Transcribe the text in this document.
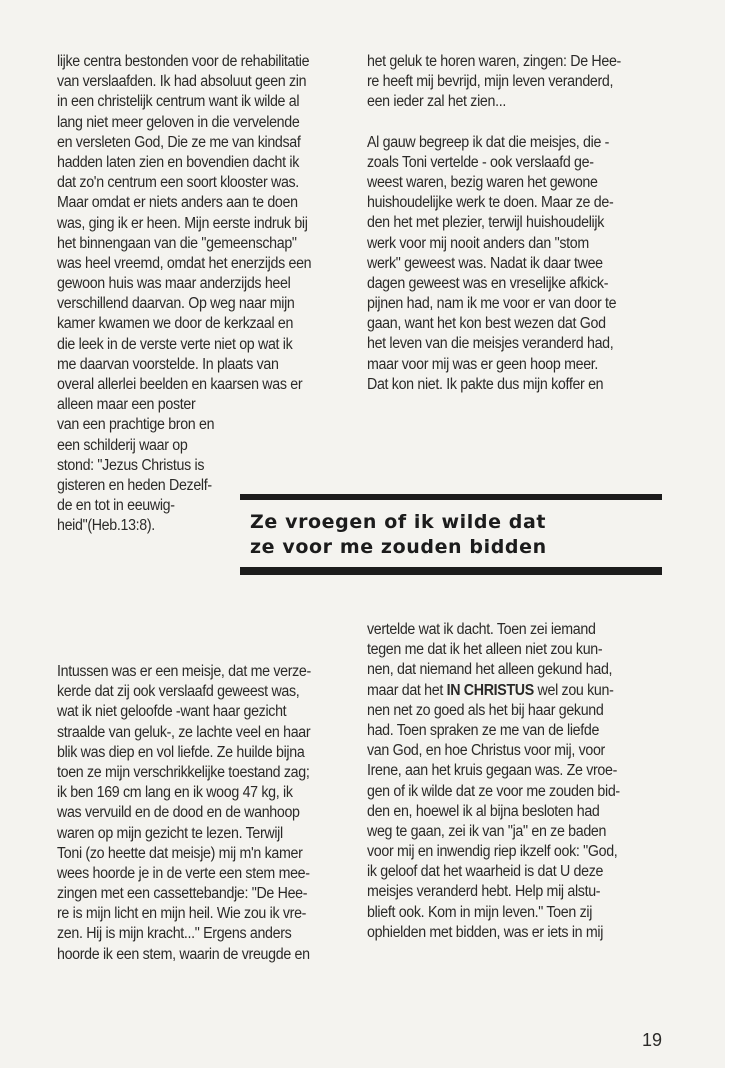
lijke centra bestonden voor de rehabilitatie
van verslaafden. Ik had absoluut geen zin
in een christelijk centrum want ik wilde al
lang niet meer geloven in die vervelende
en versleten God, Die ze me van kindsaf
hadden laten zien en bovendien dacht ik
dat zo'n centrum een soort klooster was.
Maar omdat er niets anders aan te doen
was, ging ik er heen. Mijn eerste indruk bij
het binnengaan van die "gemeenschap"
was heel vreemd, omdat het enerzijds een
gewoon huis was maar anderzijds heel
verschillend daarvan. Op weg naar mijn
kamer kwamen we door de kerkzaal en
die leek in de verste verte niet op wat ik
me daarvan voorstelde. In plaats van
overal allerlei beelden en kaarsen was er
alleen maar een poster
van een prachtige bron en
een schilderij waar op
stond: "Jezus Christus is
gisteren en heden Dezelf-
de en tot in eeuwig-
heid"(Heb.13:8).
het geluk te horen waren, zingen: De Hee-
re heeft mij bevrijd, mijn leven veranderd,
een ieder zal het zien...
Al gauw begreep ik dat die meisjes, die -
zoals Toni vertelde - ook verslaafd ge-
weest waren, bezig waren het gewone
huishoudelijke werk te doen. Maar ze de-
den het met plezier, terwijl huishoudelijk
werk voor mij nooit anders dan "stom
werk" geweest was. Nadat ik daar twee
dagen geweest was en vreselijke afkick-
pijnen had, nam ik me voor er van door te
gaan, want het kon best wezen dat God
het leven van die meisjes veranderd had,
maar voor mij was er geen hoop meer.
Dat kon niet. Ik pakte dus mijn koffer en
Ze vroegen of ik wilde dat
ze voor me zouden bidden
Intussen was er een meisje, dat me verze-
kerde dat zij ook verslaafd geweest was,
wat ik niet geloofde -want haar gezicht
straalde van geluk-, ze lachte veel en haar
blik was diep en vol liefde. Ze huilde bijna
toen ze mijn verschrikkelijke toestand zag;
ik ben 169 cm lang en ik woog 47 kg, ik
was vervuild en de dood en de wanhoop
waren op mijn gezicht te lezen. Terwijl
Toni (zo heette dat meisje) mij m'n kamer
wees hoorde je in de verte een stem mee-
zingen met een cassettebandje: "De Hee-
re is mijn licht en mijn heil. Wie zou ik vre-
zen. Hij is mijn kracht..." Ergens anders
hoorde ik een stem, waarin de vreugde en
vertelde wat ik dacht. Toen zei iemand
tegen me dat ik het alleen niet zou kun-
nen, dat niemand het alleen gekund had,
maar dat het IN CHRISTUS wel zou kun-
nen net zo goed als het bij haar gekund
had. Toen spraken ze me van de liefde
van God, en hoe Christus voor mij, voor
Irene, aan het kruis gegaan was. Ze vroe-
gen of ik wilde dat ze voor me zouden bid-
den en, hoewel ik al bijna besloten had
weg te gaan, zei ik van "ja" en ze baden
voor mij en inwendig riep ikzelf ook: "God,
ik geloof dat het waarheid is dat U deze
meisjes veranderd hebt. Help mij alstu-
blieft ook. Kom in mijn leven." Toen zij
ophielden met bidden, was er iets in mij
19
